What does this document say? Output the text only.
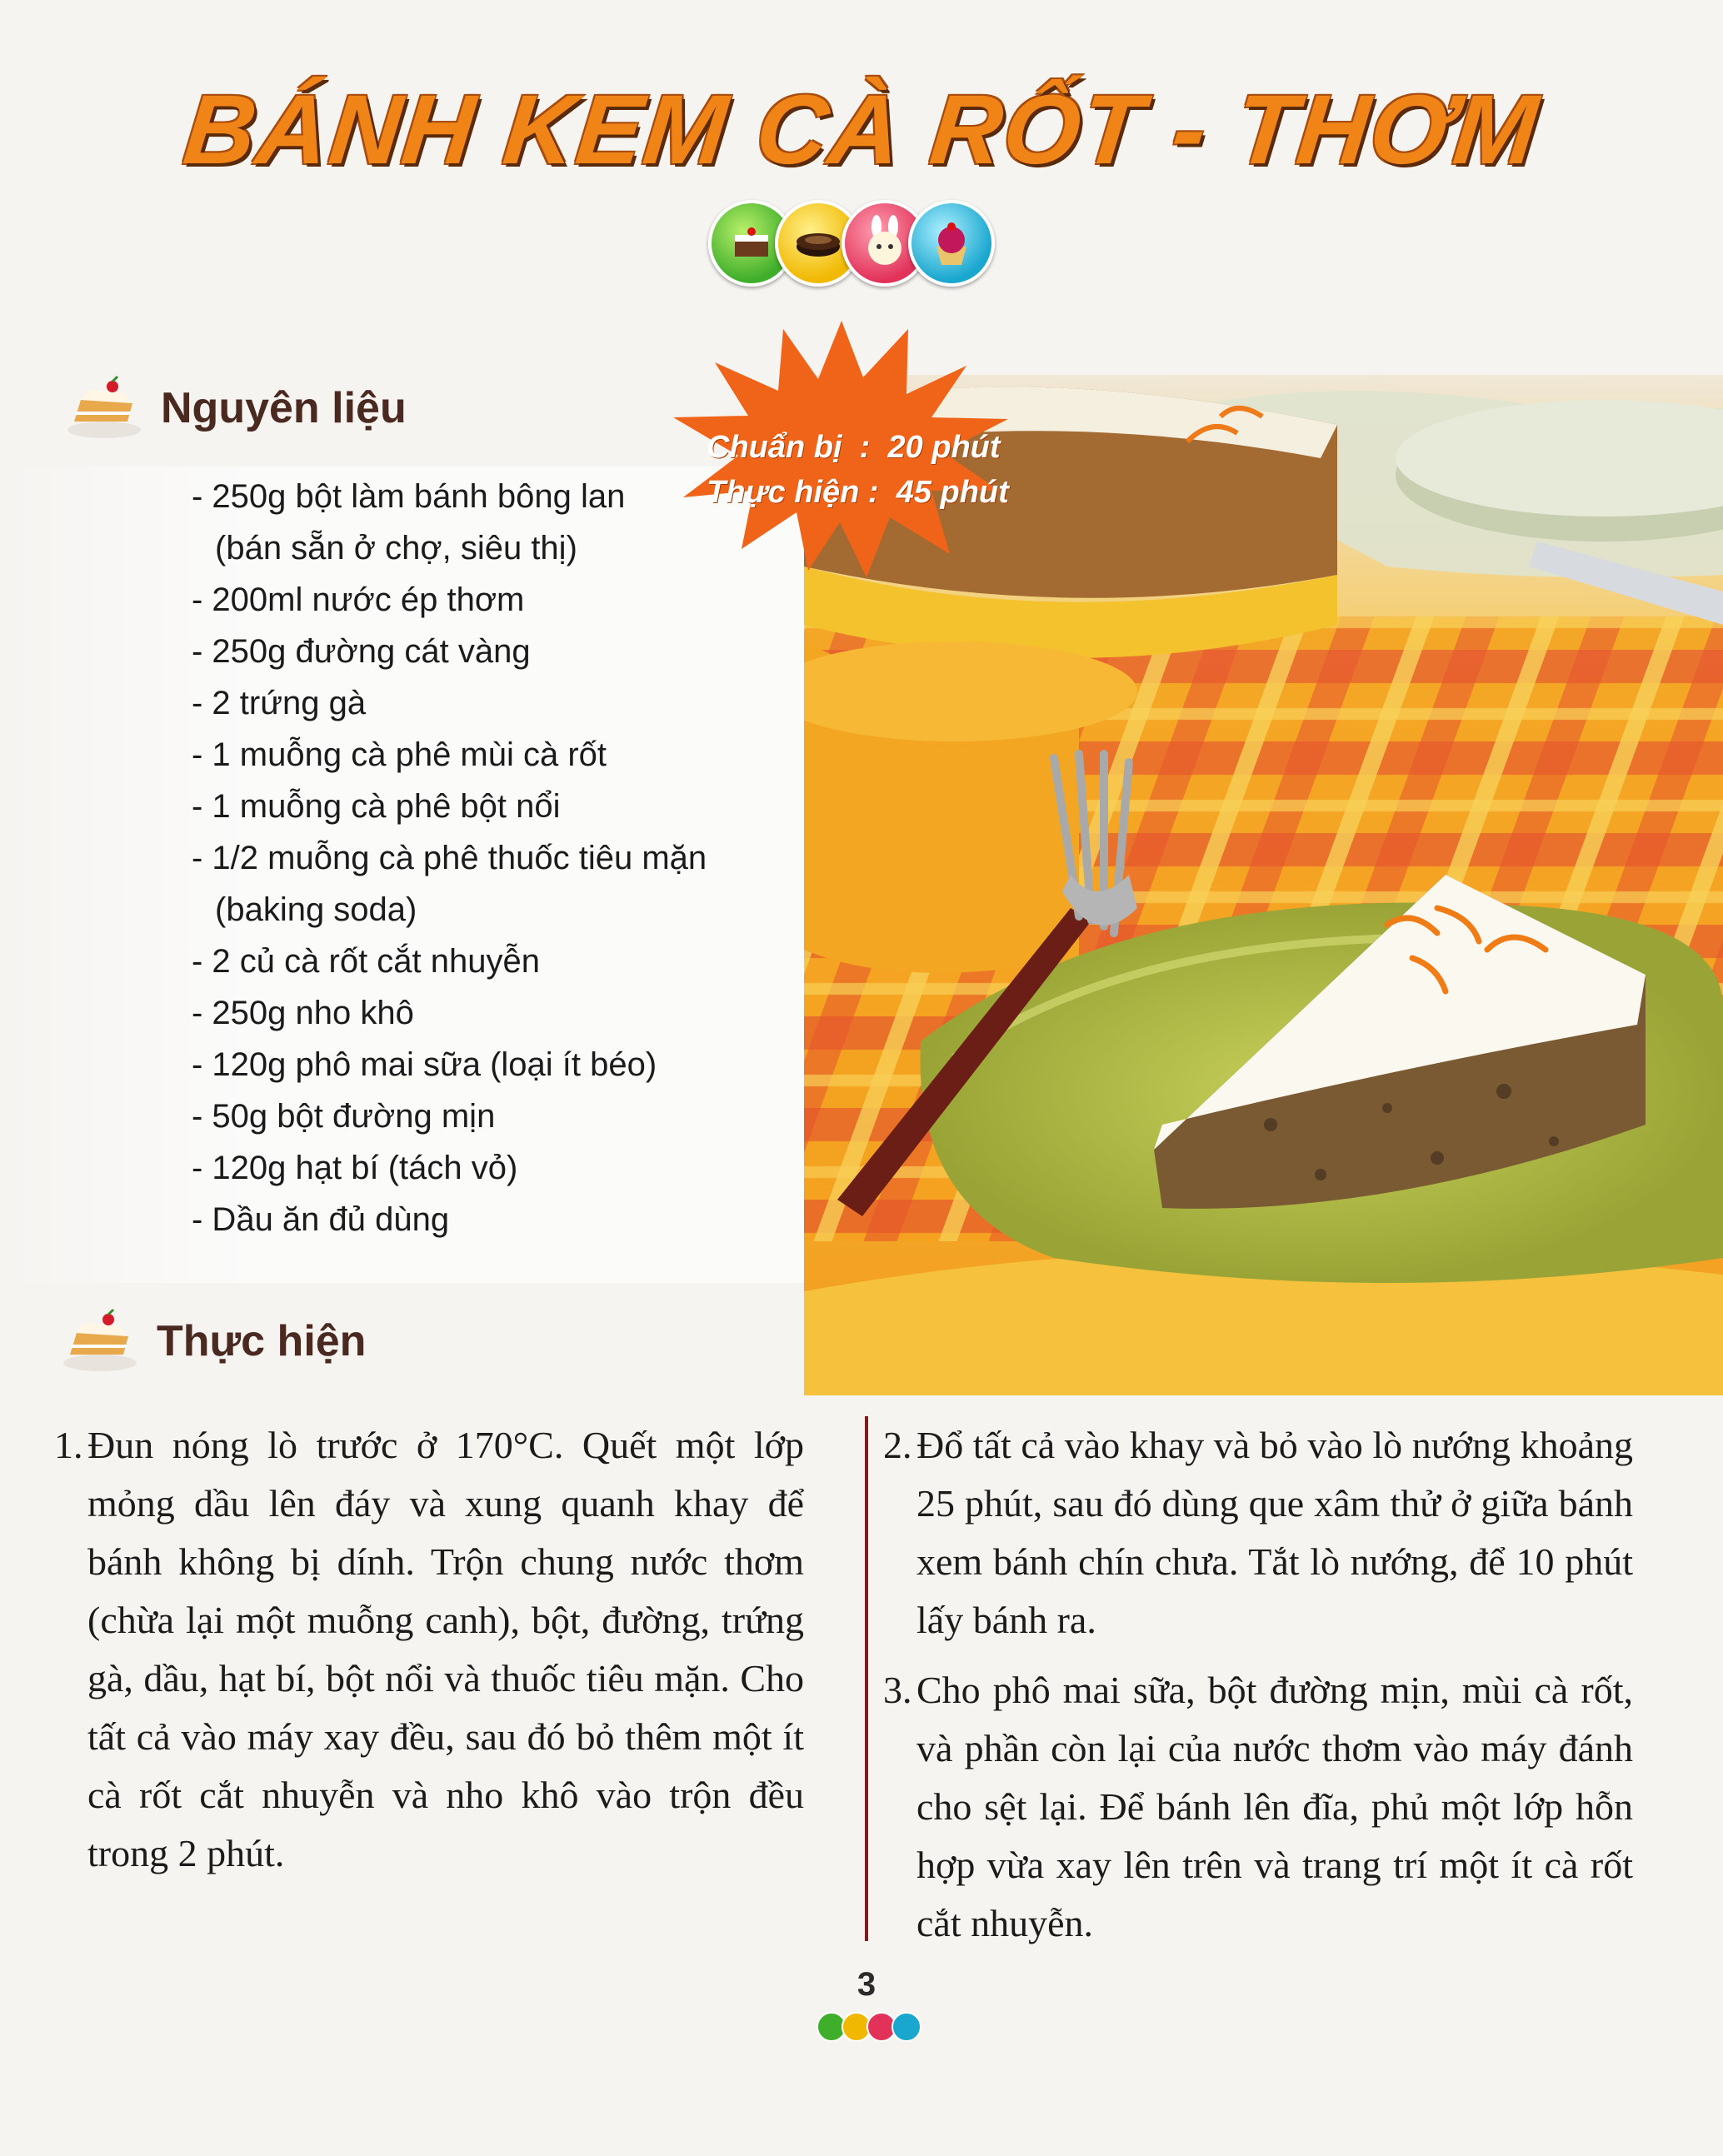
BÁNH KEM CÀ RỐT - THƠM
Nguyên liệu
- 250g bột làm bánh bông lan
(bán sẵn ở chợ, siêu thị)
- 200ml nước ép thơm
- 250g đường cát vàng
- 2 trứng gà
- 1 muỗng cà phê mùi cà rốt
- 1 muỗng cà phê bột nổi
- 1/2 muỗng cà phê thuốc tiêu mặn
(baking soda)
- 2 củ cà rốt cắt nhuyễn
- 250g nho khô
- 120g phô mai sữa (loại ít béo)
- 50g bột đường mịn
- 120g hạt bí (tách vỏ)
- Dầu ăn đủ dùng
Chuẩn bị  :  20 phút
Thực hiện :  45 phút
Thực hiện
1. Đun nóng lò trước ở 170°C. Quết một lớp mỏng dầu lên đáy và xung quanh khay để bánh không bị dính. Trộn chung nước thơm (chừa lại một muỗng canh), bột, đường, trứng gà, dầu, hạt bí, bột nổi và thuốc tiêu mặn. Cho tất cả vào máy xay đều, sau đó bỏ thêm một ít cà rốt cắt nhuyễn và nho khô vào trộn đều trong 2 phút.
2. Đổ tất cả vào khay và bỏ vào lò nướng khoảng 25 phút, sau đó dùng que xâm thử ở giữa bánh xem bánh chín chưa. Tắt lò nướng, để 10 phút lấy bánh ra.
3. Cho phô mai sữa, bột đường mịn, mùi cà rốt, và phần còn lại của nước thơm vào máy đánh cho sệt lại. Để bánh lên đĩa, phủ một lớp hỗn hợp vừa xay lên trên và trang trí một ít cà rốt cắt nhuyễn.
3
